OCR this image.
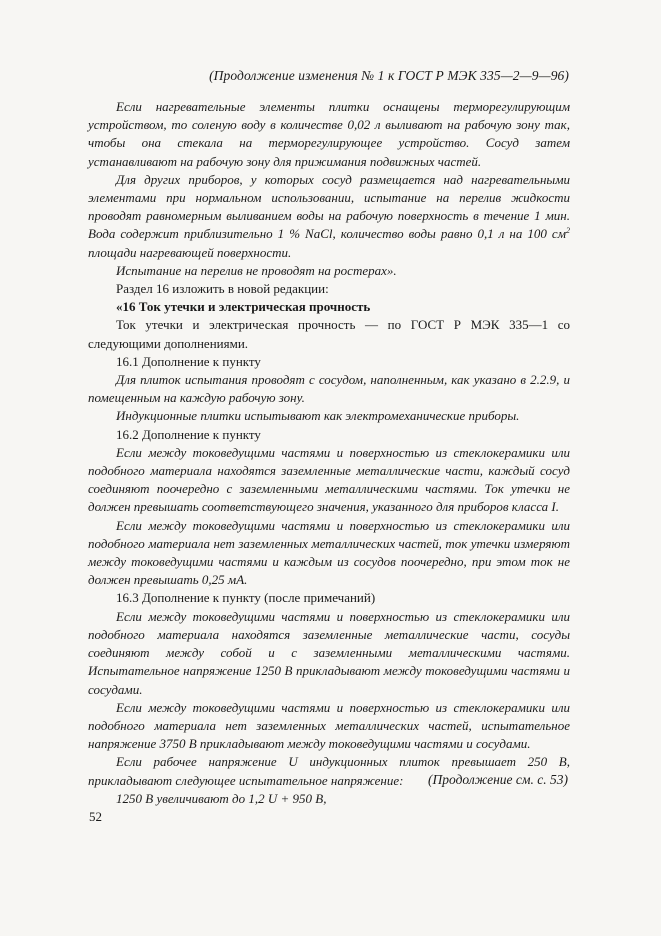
(Продолжение изменения № 1 к ГОСТ Р МЭК 335—2—9—96)

Если нагревательные элементы плитки оснащены терморегулирующим устройством, то соленую воду в количестве 0,02 л выливают на рабочую зону так, чтобы она стекала на терморегулирующее устройство. Сосуд затем устанавливают на рабочую зону для прижимания подвижных частей.

Для других приборов, у которых сосуд размещается над нагревательными элементами при нормальном использовании, испытание на перелив жидкости проводят равномерным выливанием воды на рабочую поверхность в течение 1 мин. Вода содержит приблизительно 1 % NaCl, количество воды равно 0,1 л на 100 $см^2$ площади нагревающей поверхности.

Испытание на перелив не проводят на ростерах».

Раздел 16 изложить в новой редакции:

«16 Ток утечки и электрическая прочность

Ток утечки и электрическая прочность — по ГОСТ Р МЭК 335—1 со следующими дополнениями.

16.1 Дополнение к пункту

Для плиток испытания проводят с сосудом, наполненным, как указано в 2.2.9, и помещенным на каждую рабочую зону.

Индукционные плитки испытывают как электромеханические приборы.

16.2 Дополнение к пункту

Если между токоведущими частями и поверхностью из стеклокерамики или подобного материала находятся заземленные металлические части, каждый сосуд соединяют поочередно с заземленными металлическими частями. Ток утечки не должен превышать соответствующего значения, указанного для приборов класса I.

Если между токоведущими частями и поверхностью из стеклокерамики или подобного материала нет заземленных металлических частей, ток утечки измеряют между токоведущими частями и каждым из сосудов поочередно, при этом ток не должен превышать 0,25 мА.

16.3 Дополнение к пункту (после примечаний)

Если между токоведущими частями и поверхностью из стеклокерамики или подобного материала находятся заземленные металлические части, сосуды соединяют между собой и с заземленными металлическими частями. Испытательное напряжение 1250 В прикладывают между токоведущими частями и сосудами.

Если между токоведущими частями и поверхностью из стеклокерамики или подобного материала нет заземленных металлических частей, испытательное напряжение 3750 В прикладывают между токоведущими частями и сосудами.

Если рабочее напряжение U индукционных плиток превышает 250 В, прикладывают следующее испытательное напряжение:

1250 В увеличивают до 1,2 U + 950 В,

(Продолжение см. с. 53)
52
